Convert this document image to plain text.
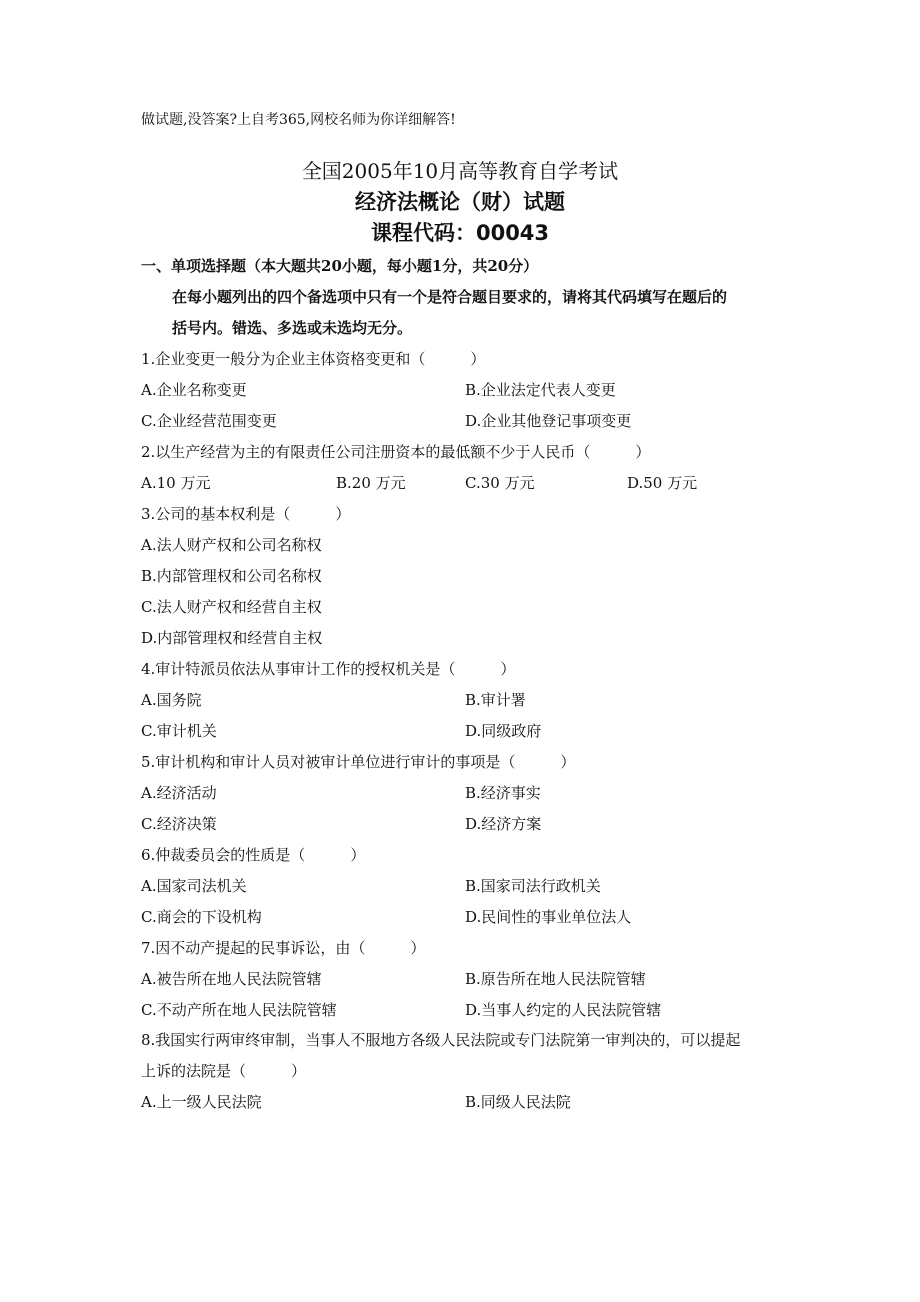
做试题,没答案?上自考365,网校名师为你详细解答!
全国2005年10月高等教育自学考试
经济法概论（财）试题
课程代码：00043
一、单项选择题（本大题共20小题，每小题1分，共20分）
在每小题列出的四个备选项中只有一个是符合题目要求的，请将其代码填写在题后的
括号内。错选、多选或未选均无分。
1.企业变更一般分为企业主体资格变更和（　　　）
A.企业名称变更	B.企业法定代表人变更
C.企业经营范围变更	D.企业其他登记事项变更
2.以生产经营为主的有限责任公司注册资本的最低额不少于人民币（　　　）
A.10 万元	B.20 万元	C.30 万元	D.50 万元
3.公司的基本权利是（　　　）
A.法人财产权和公司名称权
B.内部管理权和公司名称权
C.法人财产权和经营自主权
D.内部管理权和经营自主权
4.审计特派员依法从事审计工作的授权机关是（　　　）
A.国务院	B.审计署
C.审计机关	D.同级政府
5.审计机构和审计人员对被审计单位进行审计的事项是（　　　）
A.经济活动	B.经济事实
C.经济决策	D.经济方案
6.仲裁委员会的性质是（　　　）
A.国家司法机关	B.国家司法行政机关
C.商会的下设机构	D.民间性的事业单位法人
7.因不动产提起的民事诉讼，由（　　　）
A.被告所在地人民法院管辖	B.原告所在地人民法院管辖
C.不动产所在地人民法院管辖	D.当事人约定的人民法院管辖
8.我国实行两审终审制，当事人不服地方各级人民法院或专门法院第一审判决的，可以提起
上诉的法院是（　　　）
A.上一级人民法院	B.同级人民法院
